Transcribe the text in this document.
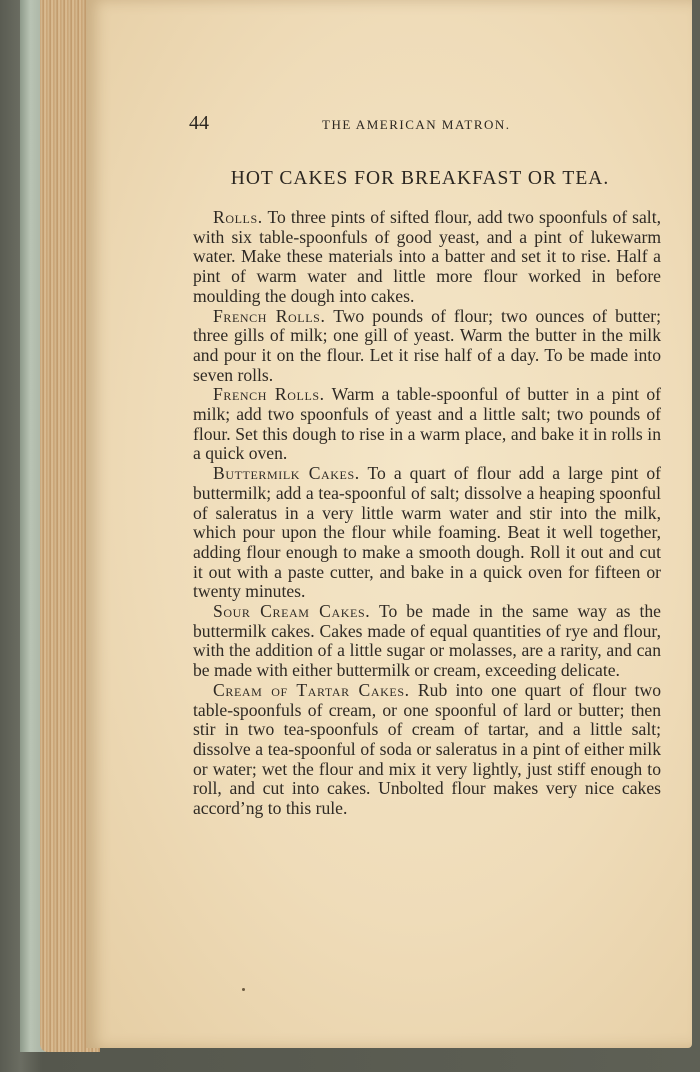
44	THE AMERICAN MATRON.
HOT CAKES FOR BREAKFAST OR TEA.

Rolls. To three pints of sifted flour, add two spoonfuls of salt, with six table-spoonfuls of good yeast, and a pint of lukewarm water. Make these materials into a batter and set it to rise. Half a pint of warm water and little more flour worked in before moulding the dough into cakes.

French Rolls. Two pounds of flour; two ounces of butter; three gills of milk; one gill of yeast. Warm the butter in the milk and pour it on the flour. Let it rise half of a day. To be made into seven rolls.

French Rolls. Warm a table-spoonful of butter in a pint of milk; add two spoonfuls of yeast and a little salt; two pounds of flour. Set this dough to rise in a warm place, and bake it in rolls in a quick oven.

Buttermilk Cakes. To a quart of flour add a large pint of buttermilk; add a tea-spoonful of salt; dissolve a heaping spoonful of saleratus in a very little warm water and stir into the milk, which pour upon the flour while foaming. Beat it well together, adding flour enough to make a smooth dough. Roll it out and cut it out with a paste cutter, and bake in a quick oven for fifteen or twenty minutes.

Sour Cream Cakes. To be made in the same way as the buttermilk cakes. Cakes made of equal quantities of rye and flour, with the addition of a little sugar or molasses, are a rarity, and can be made with either buttermilk or cream, exceeding delicate.

Cream of Tartar Cakes. Rub into one quart of flour two table-spoonfuls of cream, or one spoonful of lard or butter; then stir in two tea-spoonfuls of cream of tartar, and a little salt; dissolve a tea-spoonful of soda or saleratus in a pint of either milk or water; wet the flour and mix it very lightly, just stiff enough to roll, and cut into cakes. Unbolted flour makes very nice cakes accord’ng to this rule.
